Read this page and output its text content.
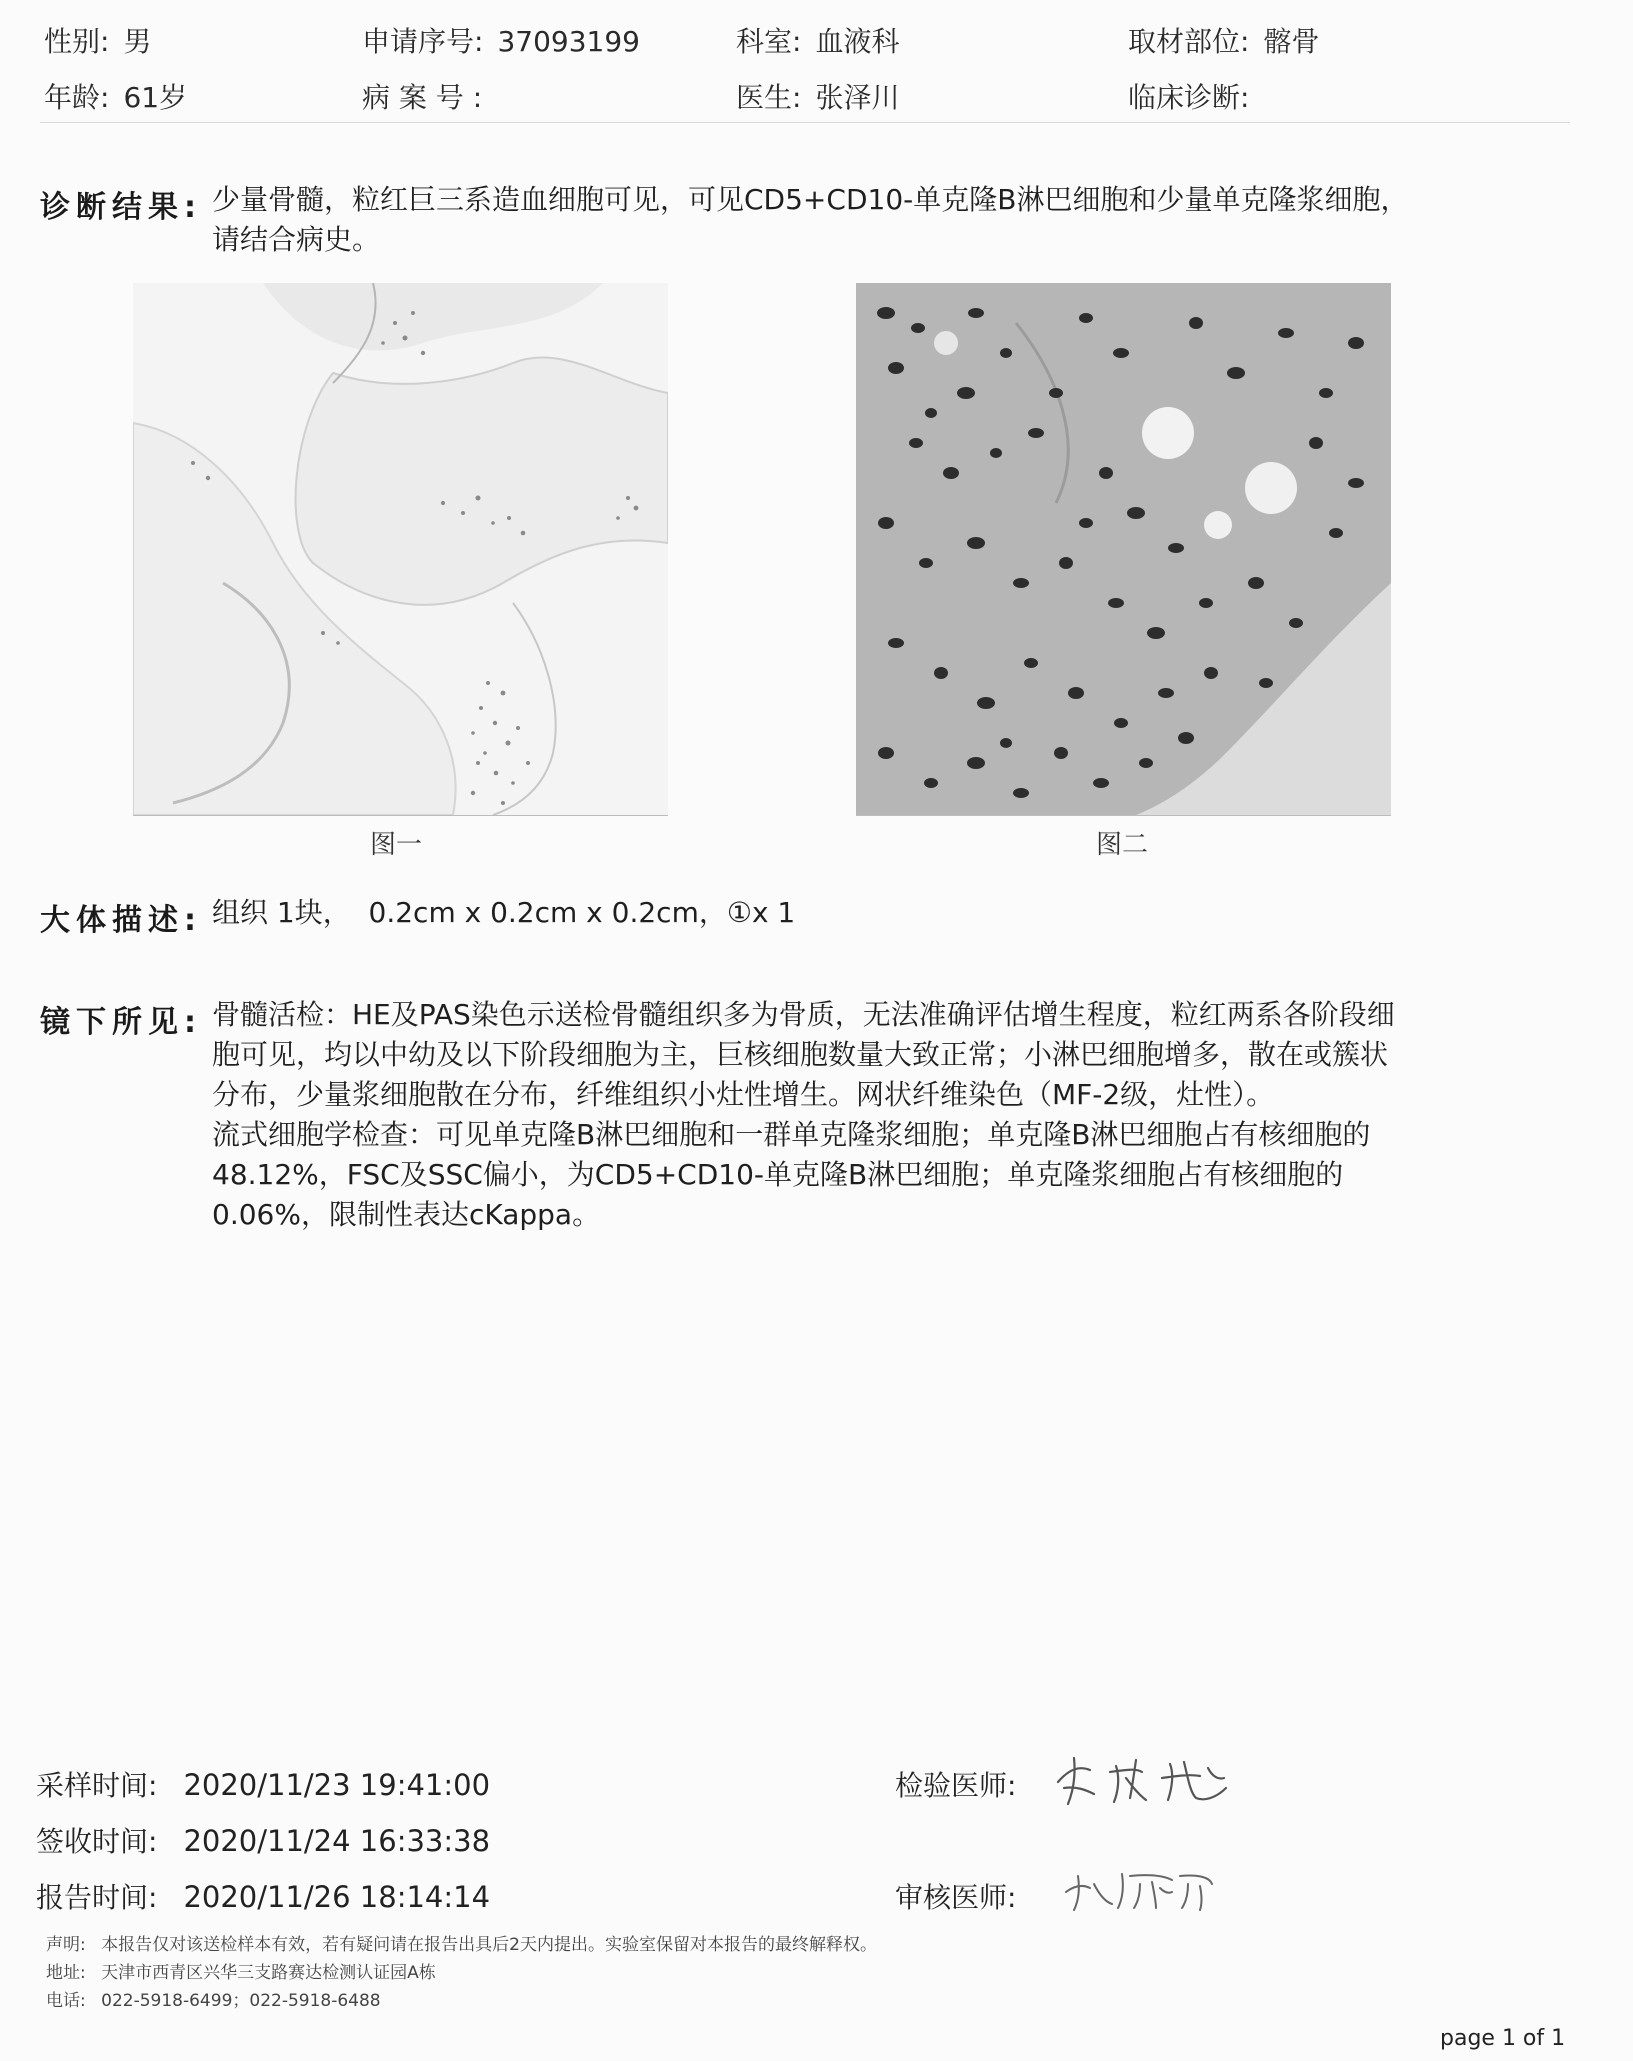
性别: 男	申请序号: 37093199	科室: 血液科	取材部位: 髂骨
年龄: 61岁	病 案 号 :	医生: 张泽川	临床诊断:
诊断结果: 少量骨髓，粒红巨三系造血细胞可见，可见CD5+CD10-单克隆B淋巴细胞和少量单克隆浆细胞，
请结合病史。
图一	图二
大体描述: 组织 1块，  0.2cm x 0.2cm x 0.2cm，①x 1
镜下所见: 骨髓活检：HE及PAS染色示送检骨髓组织多为骨质，无法准确评估增生程度，粒红两系各阶段细
胞可见，均以中幼及以下阶段细胞为主，巨核细胞数量大致正常；小淋巴细胞增多，散在或簇状
分布，少量浆细胞散在分布，纤维组织小灶性增生。网状纤维染色（MF-2级，灶性）。
流式细胞学检查：可见单克隆B淋巴细胞和一群单克隆浆细胞；单克隆B淋巴细胞占有核细胞的
48.12%，FSC及SSC偏小，为CD5+CD10-单克隆B淋巴细胞；单克隆浆细胞占有核细胞的
0.06%，限制性表达cKappa。
采样时间: 2020/11/23 19:41:00
签收时间: 2020/11/24 16:33:38
报告时间: 2020/11/26 18:14:14
检验医师:
审核医师:
声明: 本报告仅对该送检样本有效，若有疑问请在报告出具后2天内提出。实验室保留对本报告的最终解释权。
地址: 天津市西青区兴华三支路赛达检测认证园A栋
电话: 022-5918-6499；022-5918-6488
page 1 of 1
